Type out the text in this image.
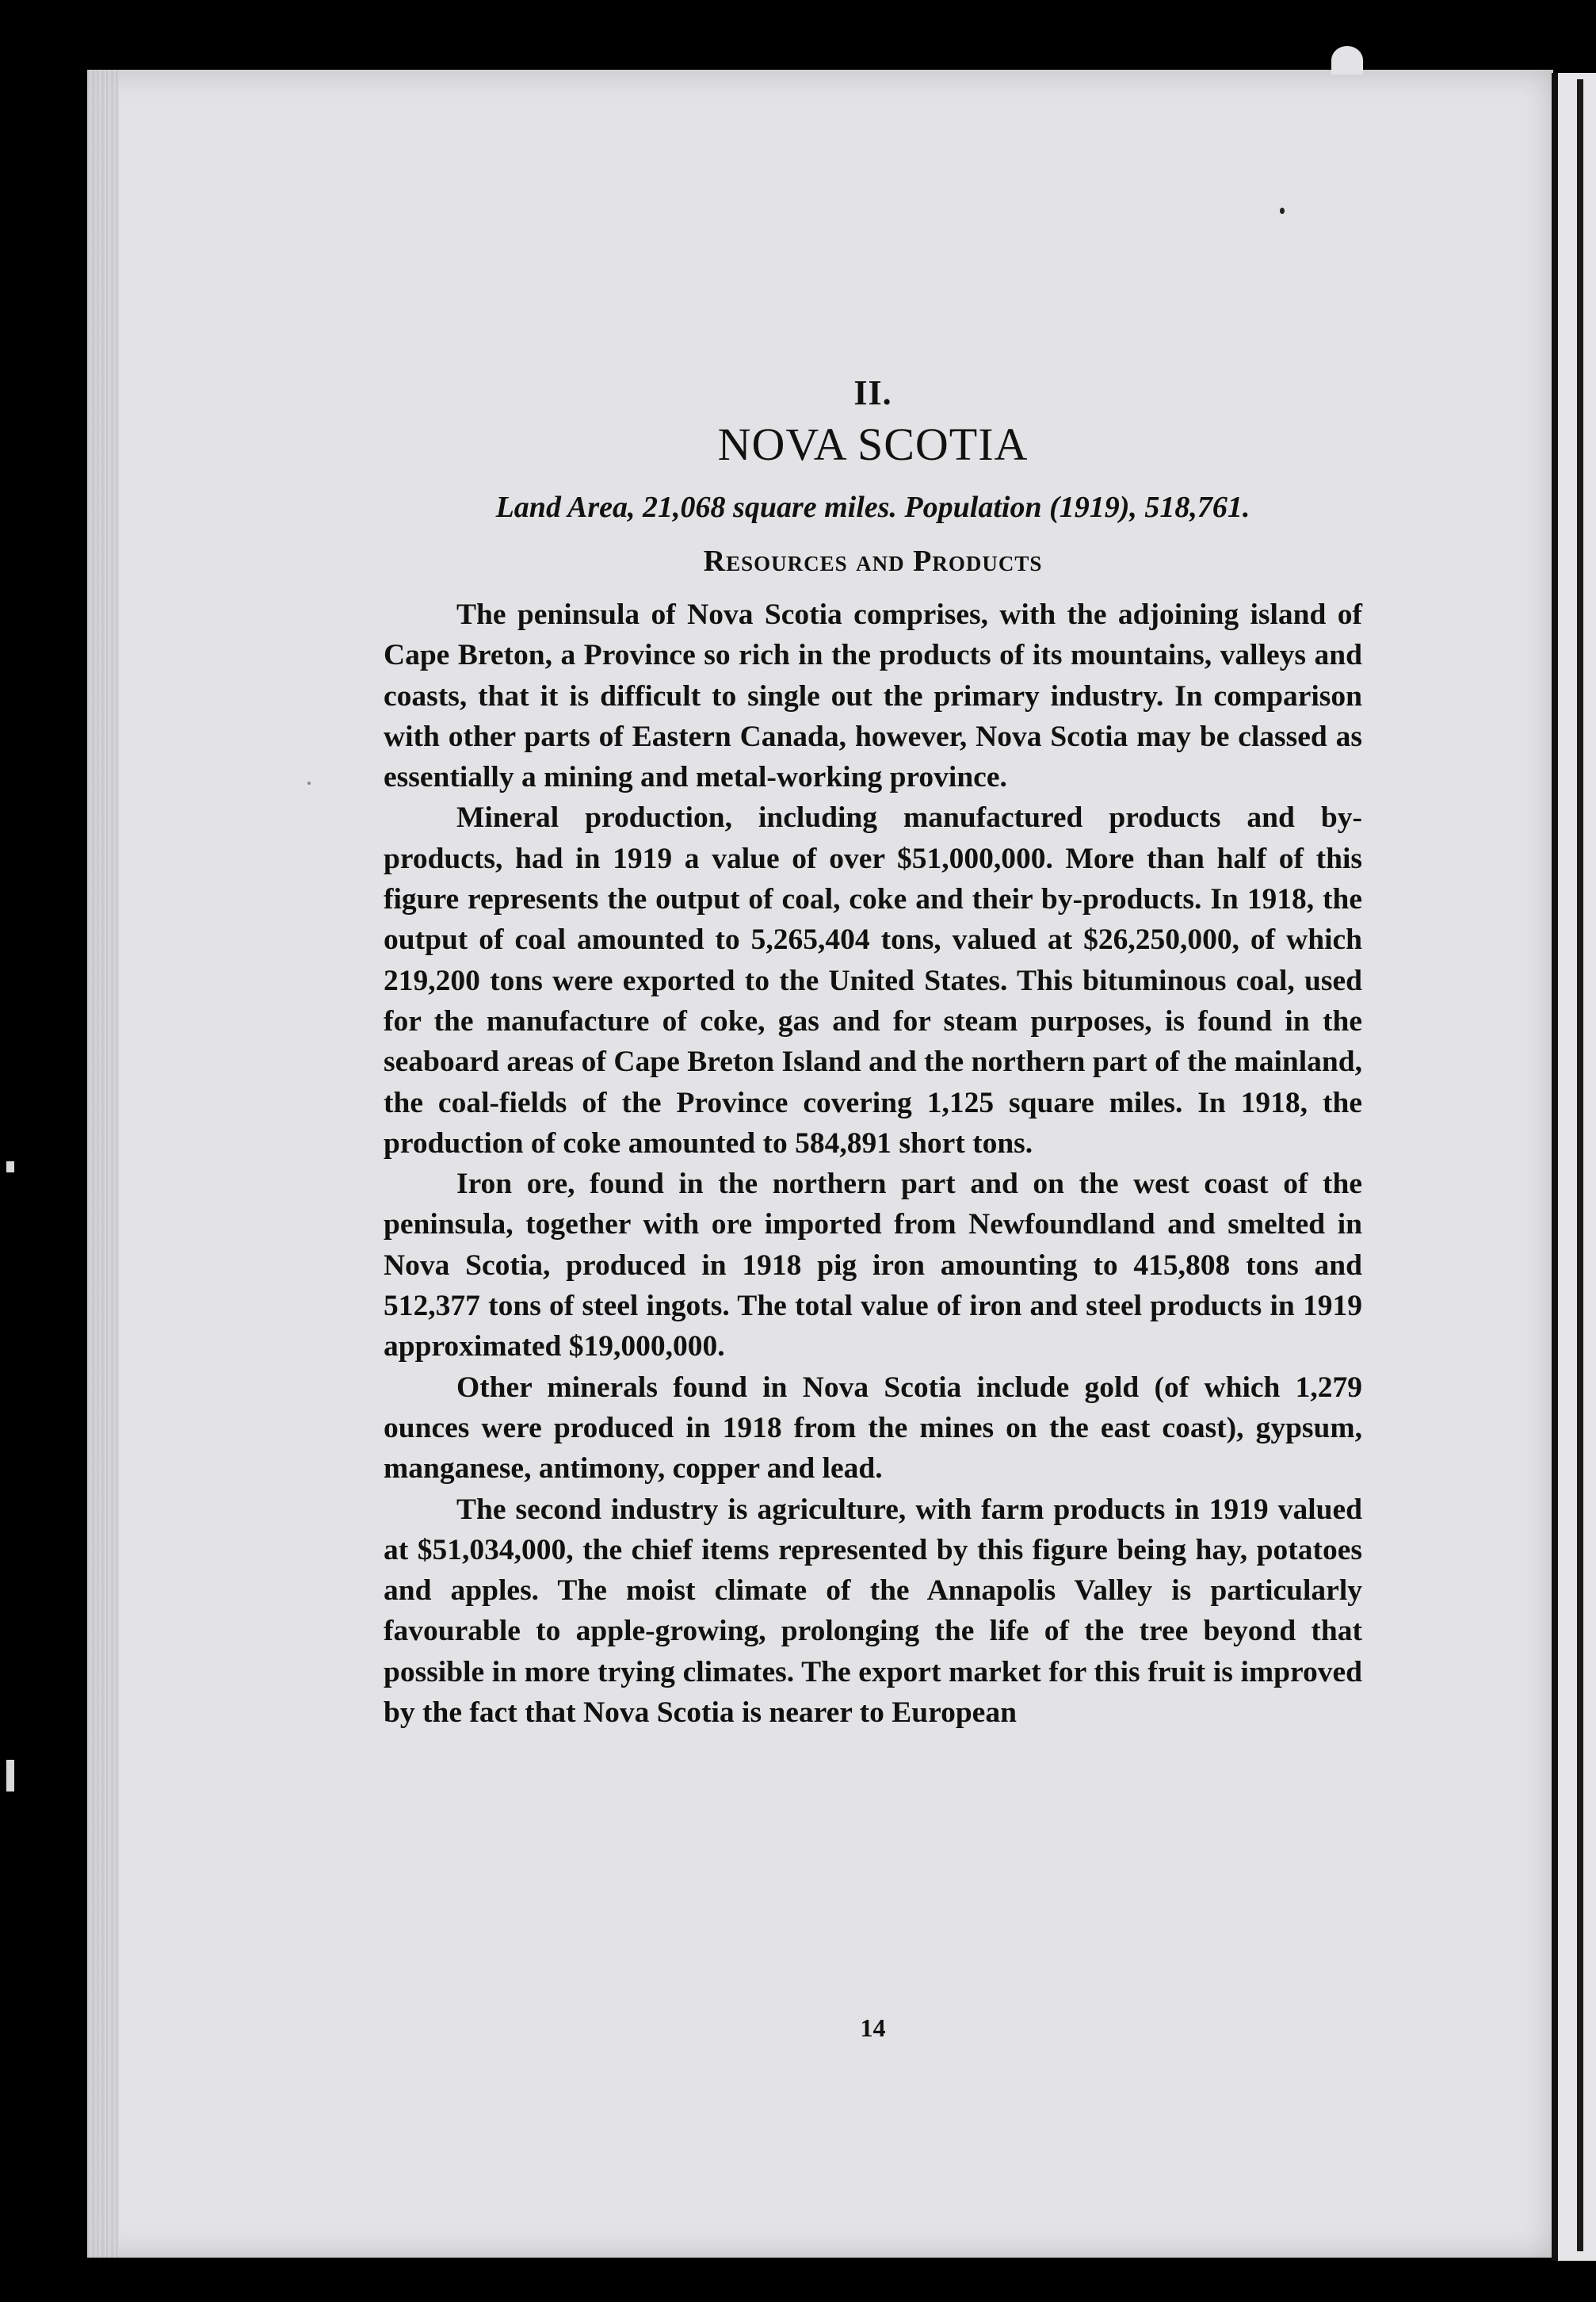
II.
NOVA SCOTIA
Land Area, 21,068 square miles. Population (1919), 518,761.
Resources and Products

The peninsula of Nova Scotia comprises, with the adjoining island of Cape Breton, a Province so rich in the products of its mountains, valleys and coasts, that it is difficult to single out the primary industry. In comparison with other parts of Eastern Canada, however, Nova Scotia may be classed as essentially a mining and metal-working province.

Mineral production, including manufactured products and by-products, had in 1919 a value of over $51,000,000. More than half of this figure represents the output of coal, coke and their by-products. In 1918, the output of coal amounted to 5,265,404 tons, valued at $26,250,000, of which 219,200 tons were exported to the United States. This bituminous coal, used for the manufacture of coke, gas and for steam purposes, is found in the seaboard areas of Cape Breton Island and the northern part of the mainland, the coal-fields of the Province covering 1,125 square miles. In 1918, the production of coke amounted to 584,891 short tons.

Iron ore, found in the northern part and on the west coast of the peninsula, together with ore imported from Newfoundland and smelted in Nova Scotia, produced in 1918 pig iron amounting to 415,808 tons and 512,377 tons of steel ingots. The total value of iron and steel products in 1919 approximated $19,000,000.

Other minerals found in Nova Scotia include gold (of which 1,279 ounces were produced in 1918 from the mines on the east coast), gypsum, manganese, antimony, copper and lead.

The second industry is agriculture, with farm products in 1919 valued at $51,034,000, the chief items represented by this figure being hay, potatoes and apples. The moist climate of the Annapolis Valley is particularly favourable to apple-growing, prolonging the life of the tree beyond that possible in more trying climates. The export market for this fruit is improved by the fact that Nova Scotia is nearer to European

14
